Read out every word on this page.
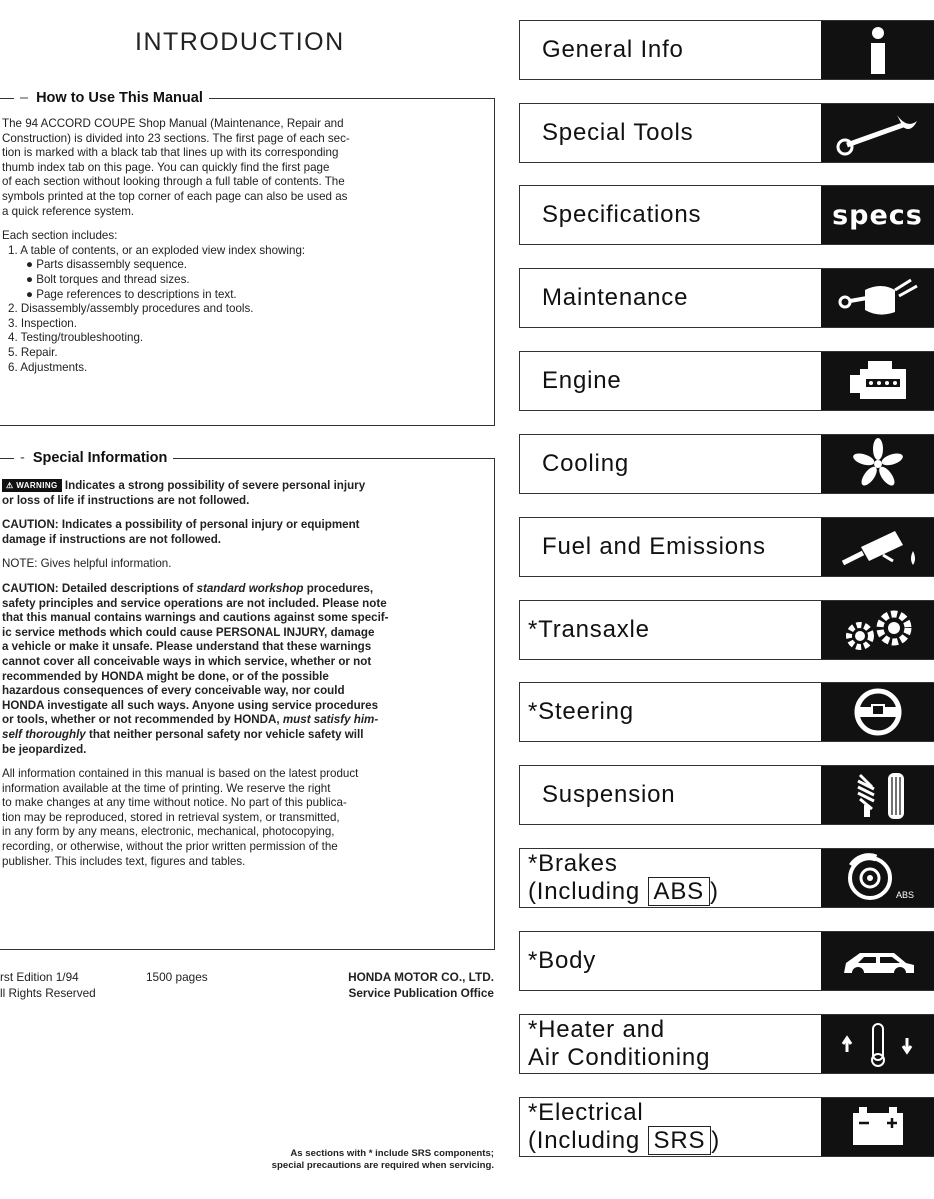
INTRODUCTION
– How to Use This Manual
The 94 ACCORD COUPE Shop Manual (Maintenance, Repair and
Construction) is divided into 23 sections. The first page of each sec-
tion is marked with a black tab that lines up with its corresponding
thumb index tab on this page. You can quickly find the first page
of each section without looking through a full table of contents. The
symbols printed at the top corner of each page can also be used as
a quick reference system.
Each section includes:
1. A table of contents, or an exploded view index showing:
● Parts disassembly sequence.
● Bolt torques and thread sizes.
● Page references to descriptions in text.
2. Disassembly/assembly procedures and tools.
3. Inspection.
4. Testing/troubleshooting.
5. Repair.
6. Adjustments.
- Special Information
⚠ WARNING Indicates a strong possibility of severe personal injury
or loss of life if instructions are not followed.
CAUTION: Indicates a possibility of personal injury or equipment
damage if instructions are not followed.
NOTE: Gives helpful information.
CAUTION: Detailed descriptions of standard workshop procedures,
safety principles and service operations are not included. Please note
that this manual contains warnings and cautions against some specif-
ic service methods which could cause PERSONAL INJURY, damage
a vehicle or make it unsafe. Please understand that these warnings
cannot cover all conceivable ways in which service, whether or not
recommended by HONDA might be done, or of the possible
hazardous consequences of every conceivable way, nor could
HONDA investigate all such ways. Anyone using service procedures
or tools, whether or not recommended by HONDA, must satisfy him-
self thoroughly that neither personal safety nor vehicle safety will
be jeopardized.
All information contained in this manual is based on the latest product
information available at the time of printing. We reserve the right
to make changes at any time without notice. No part of this publica-
tion may be reproduced, stored in retrieval system, or transmitted,
in any form by any means, electronic, mechanical, photocopying,
recording, or otherwise, without the prior written permission of the
publisher. This includes text, figures and tables.
rst Edition 1/94	1500 pages
ll Rights Reserved
HONDA MOTOR CO., LTD.
Service Publication Office
As sections with * include SRS components;
special precautions are required when servicing.
General Info
Special Tools
Specifications	specs
Maintenance
Engine
Cooling
Fuel and Emissions
*Transaxle
*Steering
Suspension
*Brakes
(Including ABS )	ABS
*Body
*Heater and
Air Conditioning
*Electrical
(Including SRS )
